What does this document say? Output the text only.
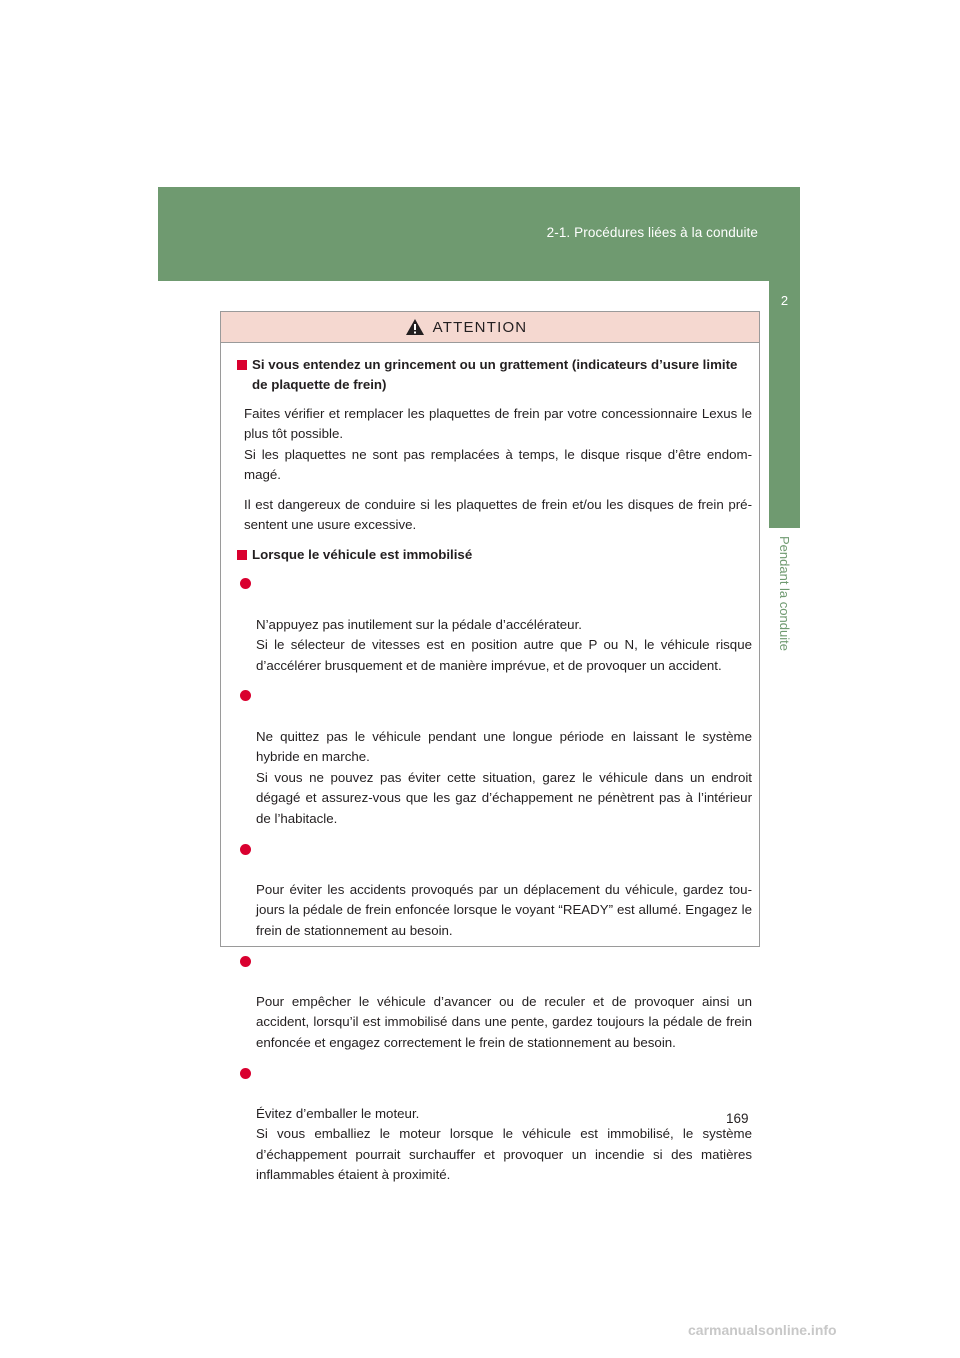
2-1. Procédures liées à la conduite
2
Pendant la conduite
ATTENTION
Si vous entendez un grincement ou un grattement (indicateurs d’usure limite de plaquette de frein)
Faites vérifier et remplacer les plaquettes de frein par votre concessionnaire Lexus le plus tôt possible.
Si les plaquettes ne sont pas remplacées à temps, le disque risque d’être endom- magé.
Il est dangereux de conduire si les plaquettes de frein et/ou les disques de frein pré- sentent une usure excessive.
Lorsque le véhicule est immobilisé

N’appuyez pas inutilement sur la pédale d’accélérateur.
Si le sélecteur de vitesses est en position autre que P ou N, le véhicule risque d’accélérer brusquement et de manière imprévue, et de provoquer un accident.

Ne quittez pas le véhicule pendant une longue période en laissant le système hybride en marche.
Si vous ne pouvez pas éviter cette situation, garez le véhicule dans un endroit dégagé et assurez-vous que les gaz d’échappement ne pénètrent pas à l’intérieur de l’habitacle.

Pour éviter les accidents provoqués par un déplacement du véhicule, gardez tou- jours la pédale de frein enfoncée lorsque le voyant “READY” est allumé. Engagez le frein de stationnement au besoin.

Pour empêcher le véhicule d’avancer ou de reculer et de provoquer ainsi un accident, lorsqu’il est immobilisé dans une pente, gardez toujours la pédale de frein enfoncée et engagez correctement le frein de stationnement au besoin.

Évitez d’emballer le moteur.
Si vous emballiez le moteur lorsque le véhicule est immobilisé, le système d’échappement pourrait surchauffer et provoquer un incendie si des matières inflammables étaient à proximité.

169
carmanualsonline.info
